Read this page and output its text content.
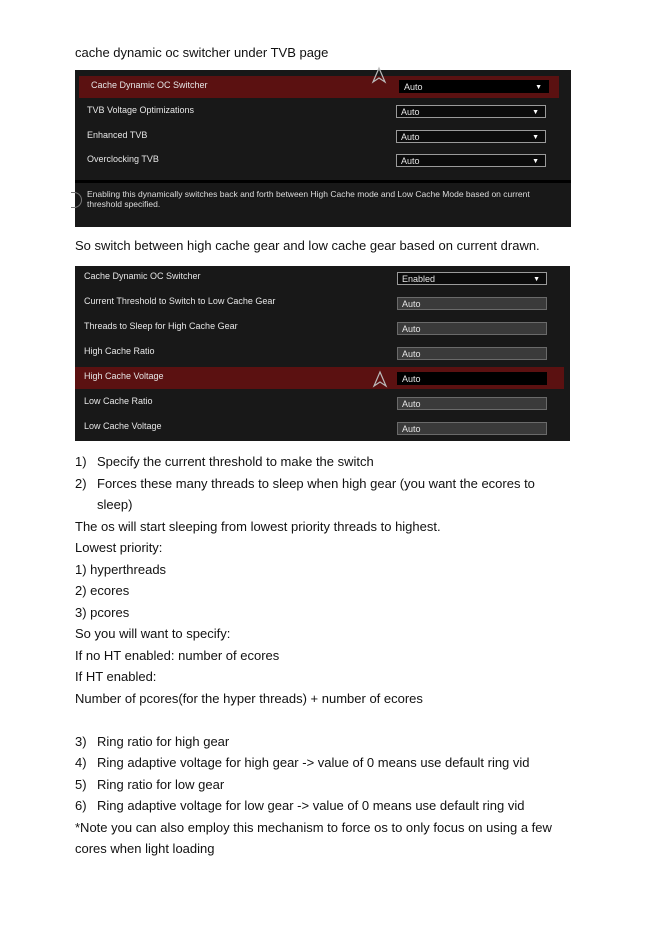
cache dynamic oc switcher under TVB page
Cache Dynamic OC Switcher	Auto	▼
TVB Voltage Optimizations	Auto	▼
Enhanced TVB	Auto	▼
Overclocking TVB	Auto	▼
Enabling this dynamically switches back and forth between High Cache mode and Low Cache Mode based on current threshold specified.
So switch between high cache gear and low cache gear based on current drawn.
Cache Dynamic OC Switcher	Enabled	▼
Current Threshold to Switch to Low Cache Gear	Auto
Threads to Sleep for High Cache Gear	Auto
High Cache Ratio	Auto
High Cache Voltage	Auto
Low Cache Ratio	Auto
Low Cache Voltage	Auto
1) Specify the current threshold to make the switch
2) Forces these many threads to sleep when high gear (you want the ecores to sleep)
The os will start sleeping from lowest priority threads to highest.
Lowest priority:
1) hyperthreads
2) ecores
3) pcores
So you will want to specify:
If no HT enabled: number of ecores
If HT enabled:
Number of pcores(for the hyper threads) + number of ecores
3) Ring ratio for high gear
4) Ring adaptive voltage for high gear -> value of 0 means use default ring vid
5) Ring ratio for low gear
6) Ring adaptive voltage for low gear -> value of 0 means use default ring vid
*Note you can also employ this mechanism to force os to only focus on using a few cores when light loading
